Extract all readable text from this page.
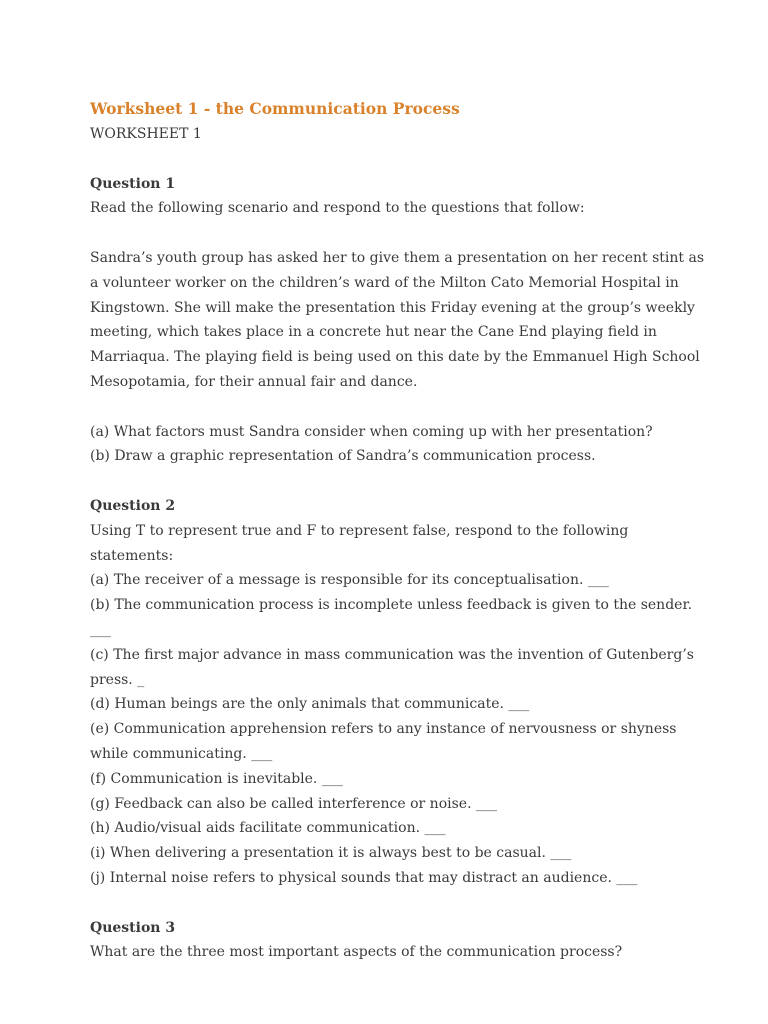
Worksheet 1 - the Communication Process

WORKSHEET 1

Question 1

Read the following scenario and respond to the questions that follow:

Sandra’s youth group has asked her to give them a presentation on her recent stint as a volunteer worker on the children’s ward of the Milton Cato Memorial Hospital in Kingstown. She will make the presentation this Friday evening at the group’s weekly meeting, which takes place in a concrete hut near the Cane End playing field in Marriaqua. The playing field is being used on this date by the Emmanuel High School Mesopotamia, for their annual fair and dance.

(a) What factors must Sandra consider when coming up with her presentation?

(b) Draw a graphic representation of Sandra’s communication process.

Question 2

Using T to represent true and F to represent false, respond to the following statements:

(a) The receiver of a message is responsible for its conceptualisation. ___

(b) The communication process is incomplete unless feedback is given to the sender. ___

(c) The first major advance in mass communication was the invention of Gutenberg’s press. _

(d) Human beings are the only animals that communicate. ___

(e) Communication apprehension refers to any instance of nervousness or shyness while communicating. ___

(f) Communication is inevitable. ___

(g) Feedback can also be called interference or noise. ___

(h) Audio/visual aids facilitate communication. ___

(i) When delivering a presentation it is always best to be casual. ___

(j) Internal noise refers to physical sounds that may distract an audience. ___

Question 3

What are the three most important aspects of the communication process?
